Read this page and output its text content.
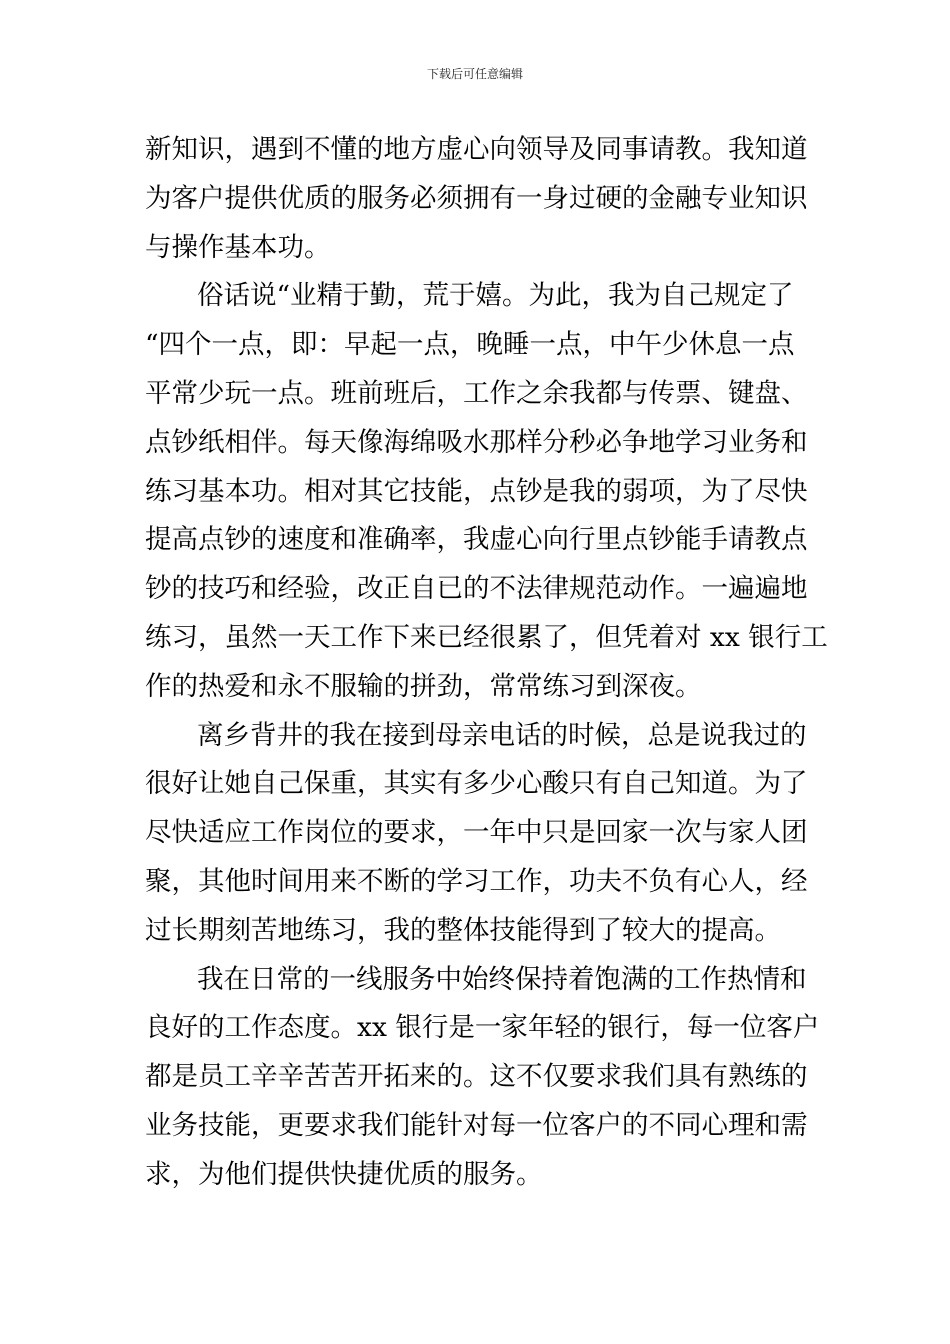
下载后可任意编辑
新知识，遇到不懂的地方虚心向领导及同事请教。我知道
为客户提供优质的服务必须拥有一身过硬的金融专业知识
与操作基本功。
俗话说“业精于勤，荒于嬉。为此，我为自己规定了
“四个一点，即：早起一点，晚睡一点，中午少休息一点
平常少玩一点。班前班后，工作之余我都与传票、键盘、
点钞纸相伴。每天像海绵吸水那样分秒必争地学习业务和
练习基本功。相对其它技能，点钞是我的弱项，为了尽快
提高点钞的速度和准确率，我虚心向行里点钞能手请教点
钞的技巧和经验，改正自已的不法律规范动作。一遍遍地
练习，虽然一天工作下来已经很累了，但凭着对 xx 银行工
作的热爱和永不服输的拼劲，常常练习到深夜。
离乡背井的我在接到母亲电话的时候，总是说我过的
很好让她自己保重，其实有多少心酸只有自己知道。为了
尽快适应工作岗位的要求，一年中只是回家一次与家人团
聚，其他时间用来不断的学习工作，功夫不负有心人，经
过长期刻苦地练习，我的整体技能得到了较大的提高。
我在日常的一线服务中始终保持着饱满的工作热情和
良好的工作态度。xx 银行是一家年轻的银行，每一位客户
都是员工辛辛苦苦开拓来的。这不仅要求我们具有熟练的
业务技能，更要求我们能针对每一位客户的不同心理和需
求，为他们提供快捷优质的服务。
